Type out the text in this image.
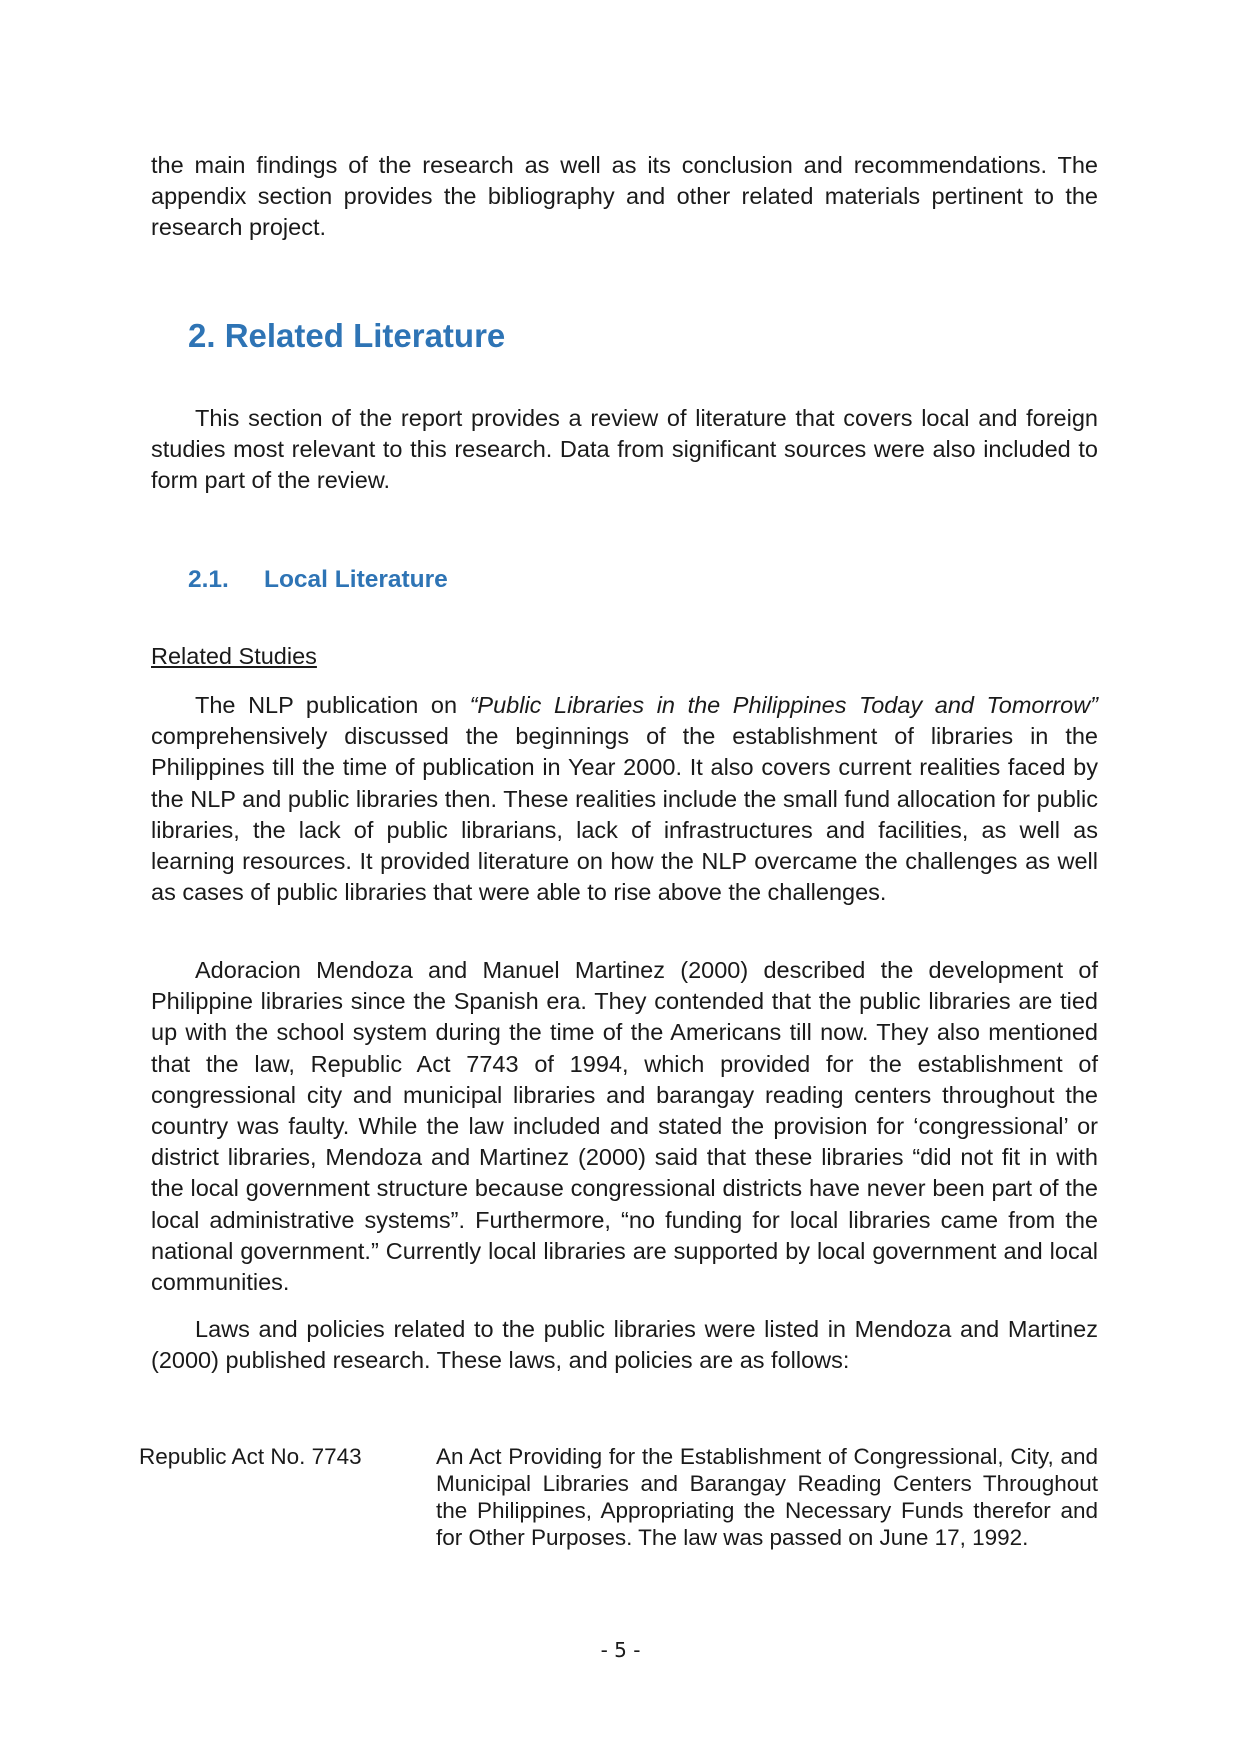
the main findings of the research as well as its conclusion and recommendations. The appendix section provides the bibliography and other related materials pertinent to the research project.

2. Related Literature

This section of the report provides a review of literature that covers local and foreign studies most relevant to this research. Data from significant sources were also included to form part of the review.

2.1. Local Literature

Related Studies

The NLP publication on “Public Libraries in the Philippines Today and Tomorrow” comprehensively discussed the beginnings of the establishment of libraries in the Philippines till the time of publication in Year 2000. It also covers current realities faced by the NLP and public libraries then. These realities include the small fund allocation for public libraries, the lack of public librarians, lack of infrastructures and facilities, as well as learning resources. It provided literature on how the NLP overcame the challenges as well as cases of public libraries that were able to rise above the challenges.

Adoracion Mendoza and Manuel Martinez (2000) described the development of Philippine libraries since the Spanish era. They contended that the public libraries are tied up with the school system during the time of the Americans till now. They also mentioned that the law, Republic Act 7743 of 1994, which provided for the establishment of congressional city and municipal libraries and barangay reading centers throughout the country was faulty. While the law included and stated the provision for ‘congressional’ or district libraries, Mendoza and Martinez (2000) said that these libraries “did not fit in with the local government structure because congressional districts have never been part of the local administrative systems”. Furthermore, “no funding for local libraries came from the national government.” Currently local libraries are supported by local government and local communities.

Laws and policies related to the public libraries were listed in Mendoza and Martinez (2000) published research. These laws, and policies are as follows:

Republic Act No. 7743	An Act Providing for the Establishment of Congressional, City, and Municipal Libraries and Barangay Reading Centers Throughout the Philippines, Appropriating the Necessary Funds therefor and for Other Purposes. The law was passed on June 17, 1992.

- 5 -
